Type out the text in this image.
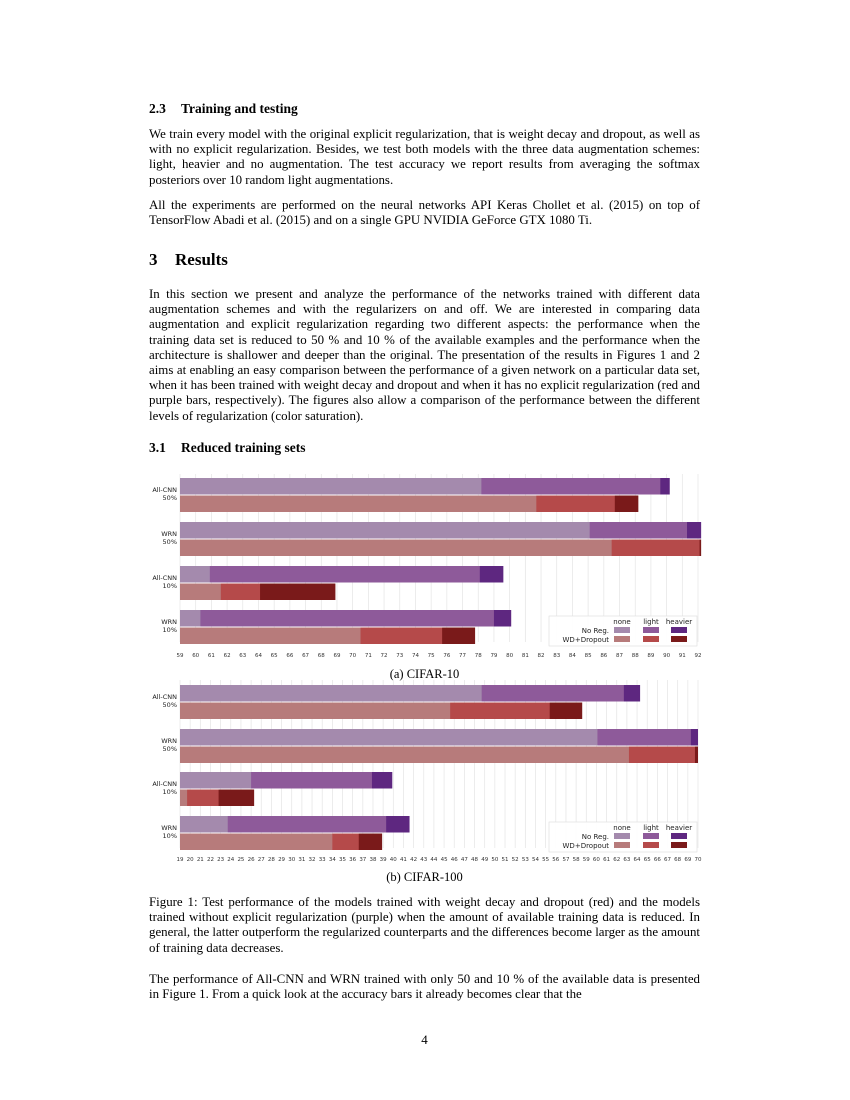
2.3 Training and testing

We train every model with the original explicit regularization, that is weight decay and dropout, as well as with no explicit regularization. Besides, we test both models with the three data augmentation schemes: light, heavier and no augmentation. The test accuracy we report results from averaging the softmax posteriors over 10 random light augmentations.

All the experiments are performed on the neural networks API Keras Chollet et al. (2015) on top of TensorFlow Abadi et al. (2015) and on a single GPU NVIDIA GeForce GTX 1080 Ti.

3 Results

In this section we present and analyze the performance of the networks trained with different data augmentation schemes and with the regularizers on and off. We are interested in comparing data augmentation and explicit regularization regarding two different aspects: the performance when the training data set is reduced to 50 % and 10 % of the available examples and the performance when the architecture is shallower and deeper than the original. The presentation of the results in Figures 1 and 2 aims at enabling an easy comparison between the performance of a given network on a particular data set, when it has been trained with weight decay and dropout and when it has no explicit regularization (red and purple bars, respectively). The figures also allow a comparison of the performance between the different levels of regularization (color saturation).

3.1 Reduced training sets
All-CNN
50%
WRN
50%
All-CNN
10%
WRN
10%
59 60 61 62 63 64 65 66 67 68 69 70 71 72 73 74 75 76 77 78 79 80 81 82 83 84 85 86 87 88 89 90 91 92
none light heavier
No Reg.
WD+Dropout
(a) CIFAR-10
All-CNN
50%
WRN
50%
All-CNN
10%
WRN
10%
19 20 21 22 23 24 25 26 27 28 29 30 31 32 33 34 35 36 37 38 39 40 41 42 43 44 45 46 47 48 49 50 51 52 53 54 55 56 57 58 59 60 61 62 63 64 65 66 67 68 69 70
none light heavier
No Reg.
WD+Dropout
(b) CIFAR-100

Figure 1: Test performance of the models trained with weight decay and dropout (red) and the models trained without explicit regularization (purple) when the amount of available training data is reduced. In general, the latter outperform the regularized counterparts and the differences become larger as the amount of training data decreases.

The performance of All-CNN and WRN trained with only 50 and 10 % of the available data is presented in Figure 1. From a quick look at the accuracy bars it already becomes clear that the

4
